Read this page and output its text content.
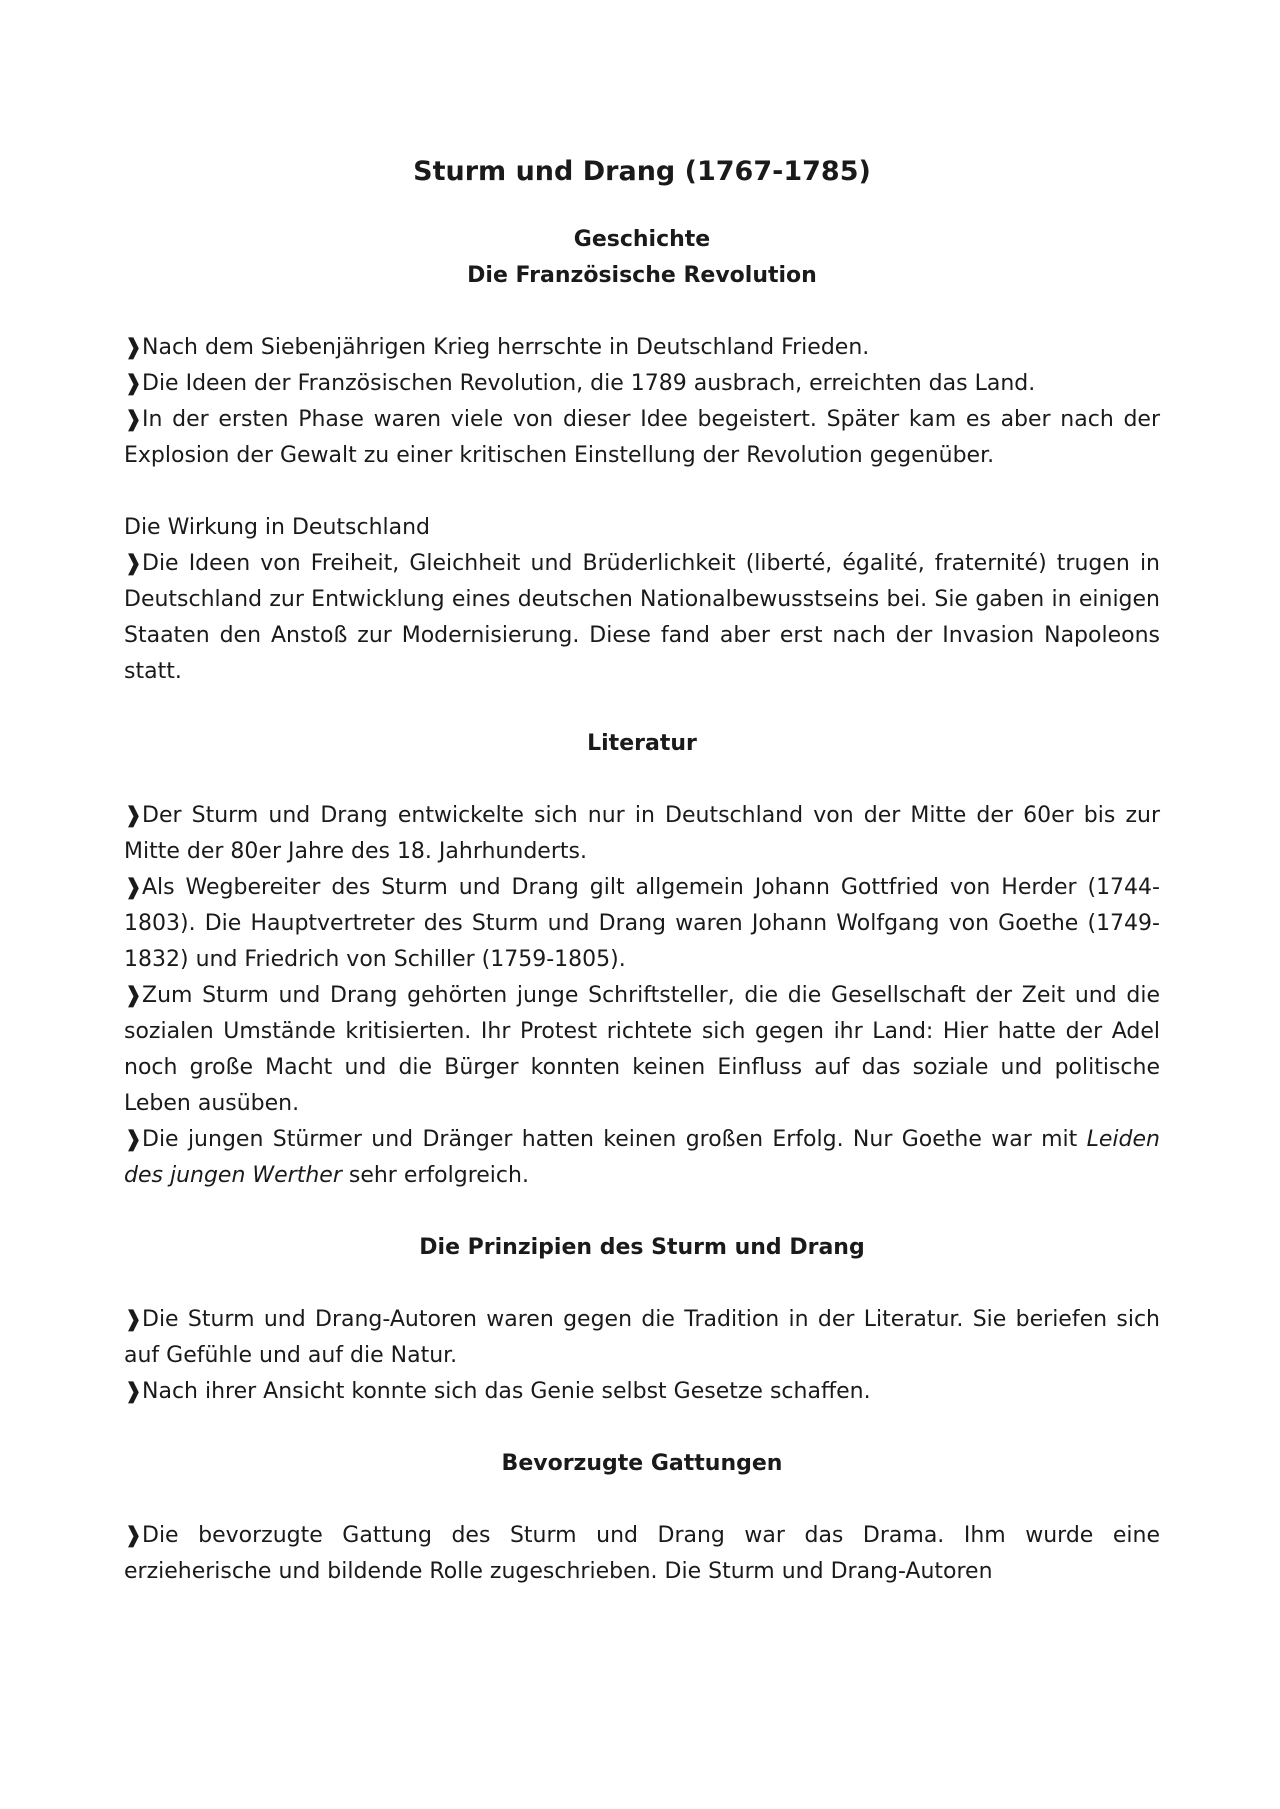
Sturm und Drang (1767-1785)
Geschichte
Die Französische Revolution

❱Nach dem Siebenjährigen Krieg herrschte in Deutschland Frieden.

❱Die Ideen der Französischen Revolution, die 1789 ausbrach, erreichten das Land.

❱In der ersten Phase waren viele von dieser Idee begeistert. Später kam es aber nach der Explosion der Gewalt zu einer kritischen Einstellung der Revolution gegenüber.

Die Wirkung in Deutschland

❱Die Ideen von Freiheit, Gleichheit und Brüderlichkeit (liberté, égalité, fraternité) trugen in Deutschland zur Entwicklung eines deutschen Nationalbewusstseins bei. Sie gaben in einigen Staaten den Anstoß zur Modernisierung. Diese fand aber erst nach der Invasion Napoleons statt.

Literatur

❱Der Sturm und Drang entwickelte sich nur in Deutschland von der Mitte der 60er bis zur Mitte der 80er Jahre des 18. Jahrhunderts.

❱Als Wegbereiter des Sturm und Drang gilt allgemein Johann Gottfried von Herder (1744-1803). Die Hauptvertreter des Sturm und Drang waren Johann Wolfgang von Goethe (1749-1832) und Friedrich von Schiller (1759-1805).

❱Zum Sturm und Drang gehörten junge Schriftsteller, die die Gesellschaft der Zeit und die sozialen Umstände kritisierten. Ihr Protest richtete sich gegen ihr Land: Hier hatte der Adel noch große Macht und die Bürger konnten keinen Einfluss auf das soziale und politische Leben ausüben.

❱Die jungen Stürmer und Dränger hatten keinen großen Erfolg. Nur Goethe war mit Leiden des jungen Werther sehr erfolgreich.

Die Prinzipien des Sturm und Drang

❱Die Sturm und Drang-Autoren waren gegen die Tradition in der Literatur. Sie beriefen sich auf Gefühle und auf die Natur.

❱Nach ihrer Ansicht konnte sich das Genie selbst Gesetze schaffen.

Bevorzugte Gattungen

❱Die bevorzugte Gattung des Sturm und Drang war das Drama. Ihm wurde eine erzieherische und bildende Rolle zugeschrieben. Die Sturm und Drang-Autoren
